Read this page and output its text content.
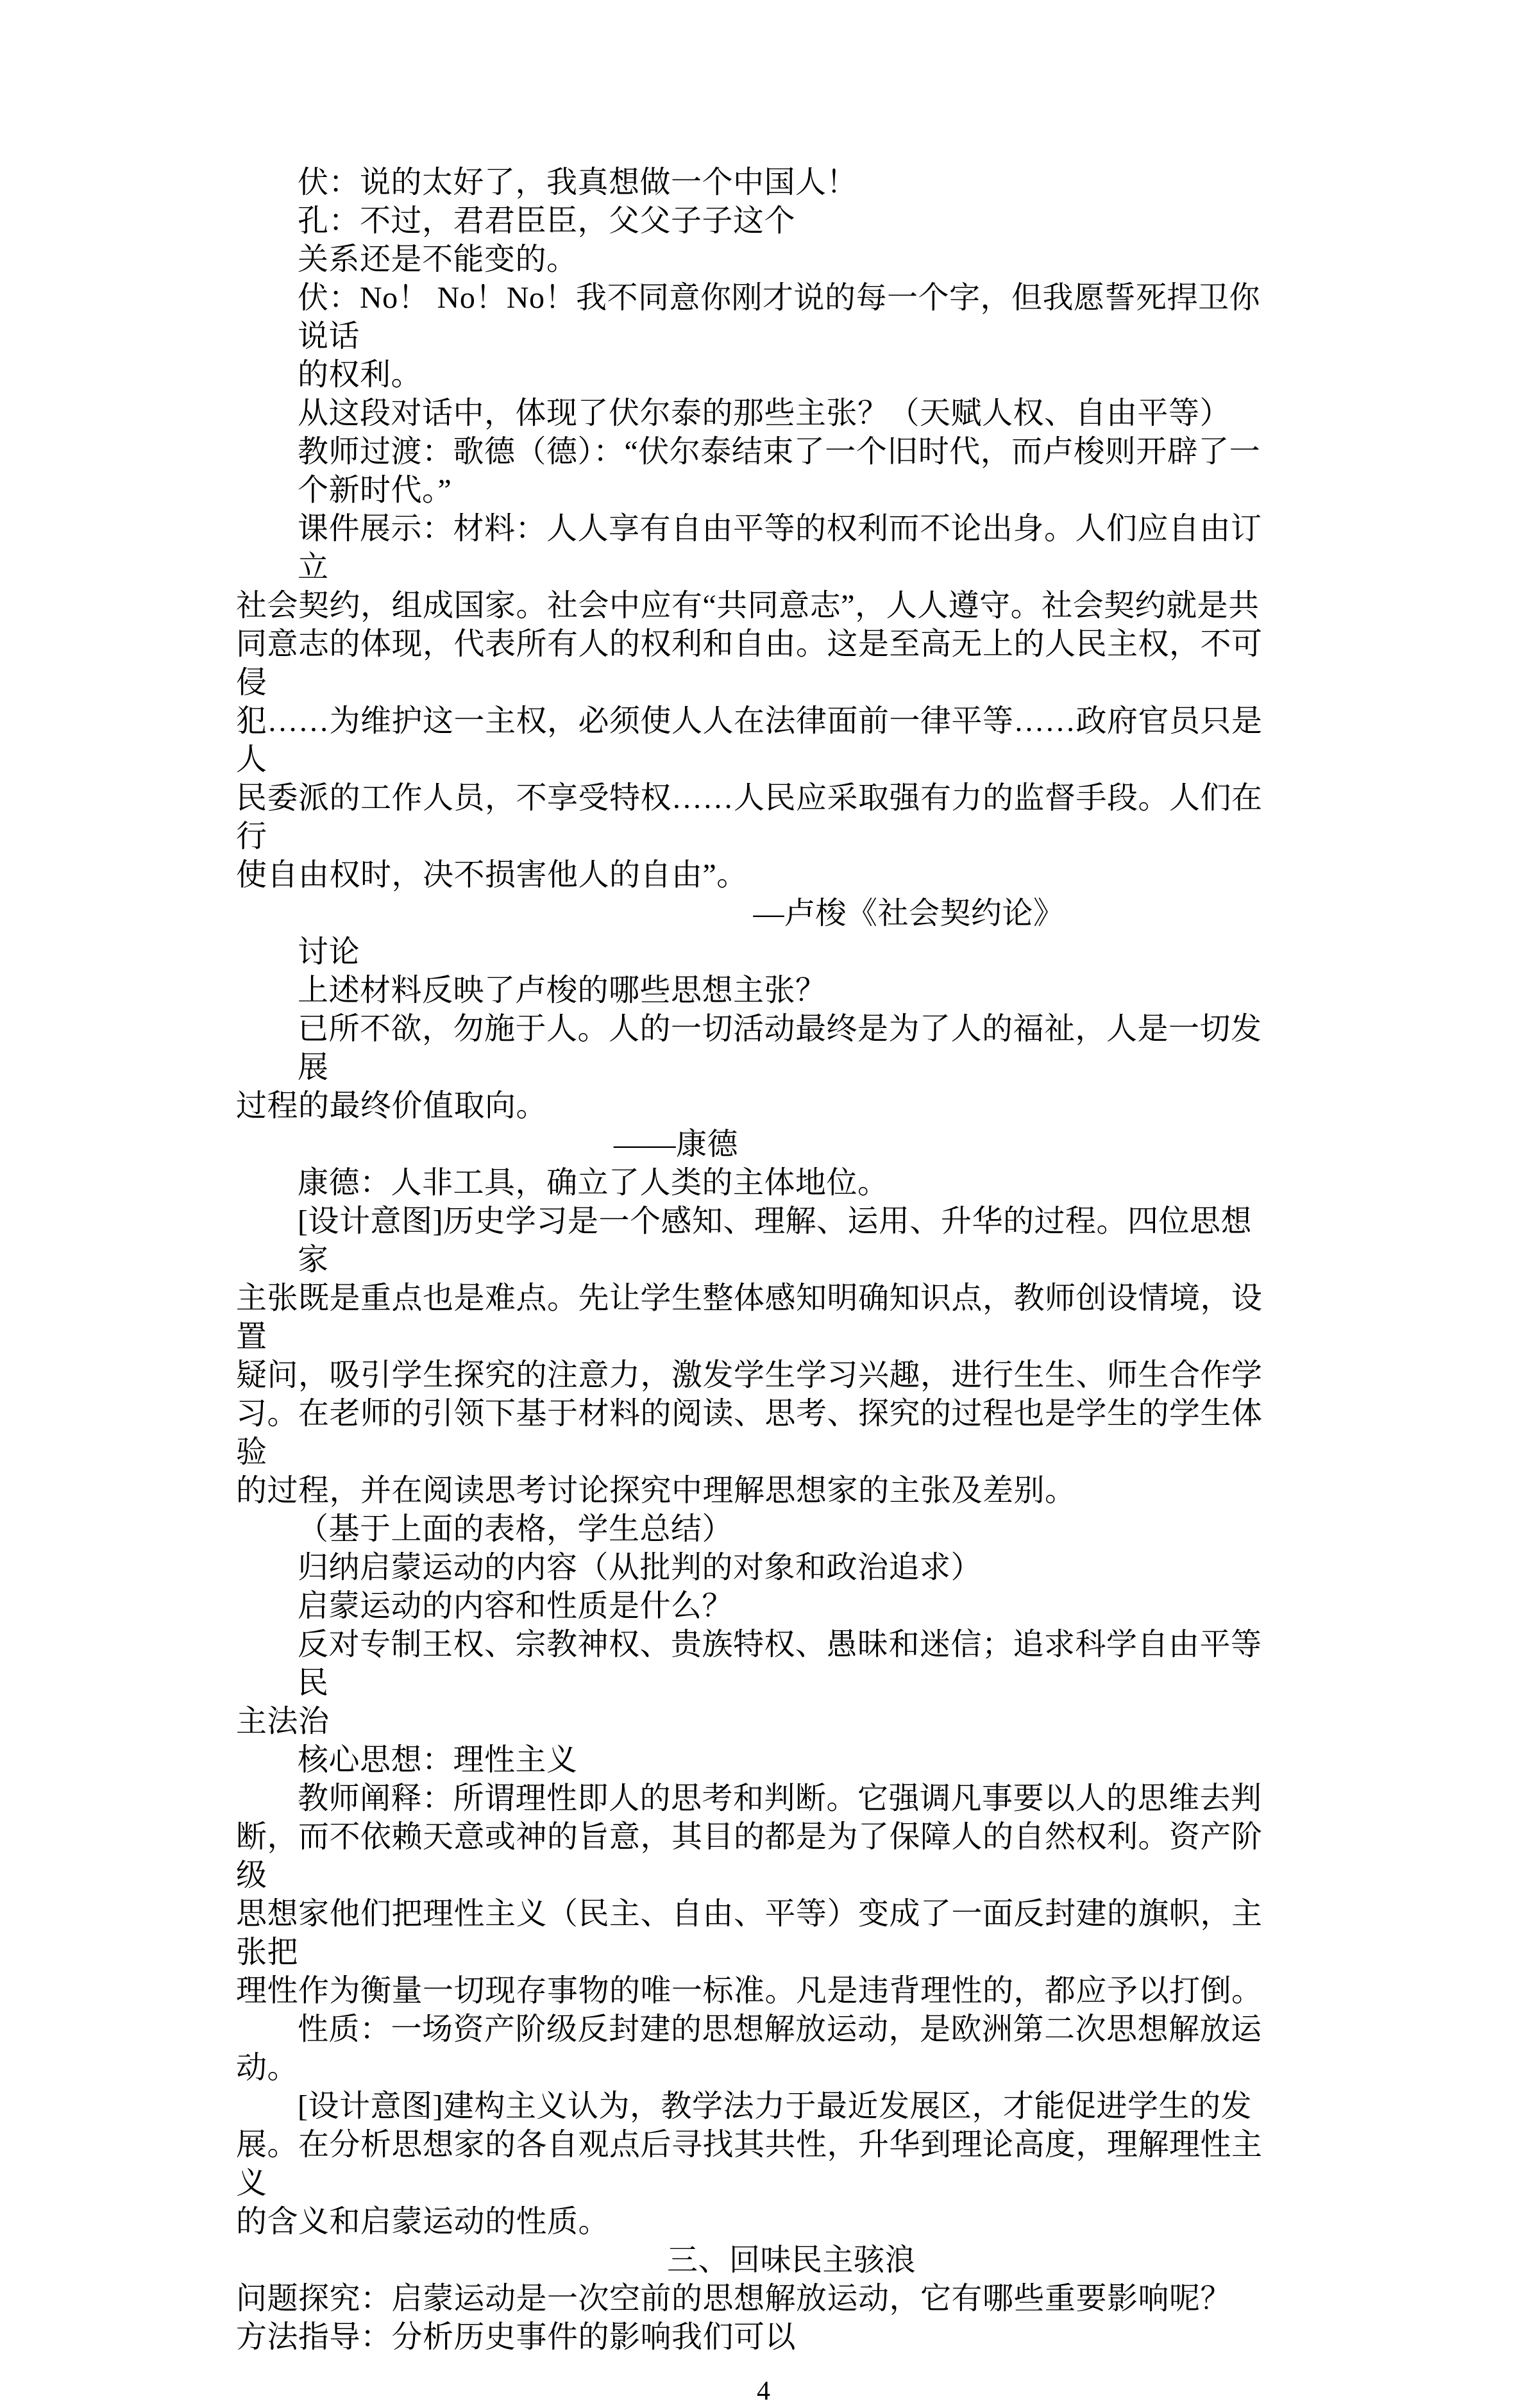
伏：说的太好了，我真想做一个中国人！
孔：不过，君君臣臣，父父子子这个
关系还是不能变的。
伏：No！ No！No！我不同意你刚才说的每一个字，但我愿誓死捍卫你说话
的权利。
从这段对话中，体现了伏尔泰的那些主张？（天赋人权、自由平等）
教师过渡：歌德（德）：“伏尔泰结束了一个旧时代，而卢梭则开辟了一
个新时代。”
课件展示：材料：人人享有自由平等的权利而不论出身。人们应自由订立
社会契约，组成国家。社会中应有“共同意志”，人人遵守。社会契约就是共
同意志的体现，代表所有人的权利和自由。这是至高无上的人民主权，不可侵
犯……为维护这一主权，必须使人人在法律面前一律平等……政府官员只是人
民委派的工作人员，不享受特权……人民应采取强有力的监督手段。人们在行
使自由权时，决不损害他人的自由”。
—卢梭《社会契约论》
讨论
上述材料反映了卢梭的哪些思想主张？
已所不欲，勿施于人。人的一切活动最终是为了人的福祉，人是一切发展
过程的最终价值取向。
——康德
康德：人非工具，确立了人类的主体地位。
[设计意图]历史学习是一个感知、理解、运用、升华的过程。四位思想家
主张既是重点也是难点。先让学生整体感知明确知识点，教师创设情境，设置
疑问，吸引学生探究的注意力，激发学生学习兴趣，进行生生、师生合作学
习。在老师的引领下基于材料的阅读、思考、探究的过程也是学生的学生体验
的过程，并在阅读思考讨论探究中理解思想家的主张及差别。
（基于上面的表格，学生总结）
归纳启蒙运动的内容（从批判的对象和政治追求）
启蒙运动的内容和性质是什么？
反对专制王权、宗教神权、贵族特权、愚昧和迷信；追求科学自由平等民
主法治
核心思想：理性主义
教师阐释：所谓理性即人的思考和判断。它强调凡事要以人的思维去判
断，而不依赖天意或神的旨意，其目的都是为了保障人的自然权利。资产阶级
思想家他们把理性主义（民主、自由、平等）变成了一面反封建的旗帜，主张把
理性作为衡量一切现存事物的唯一标准。凡是违背理性的，都应予以打倒。
性质：一场资产阶级反封建的思想解放运动，是欧洲第二次思想解放运
动。
[设计意图]建构主义认为，教学法力于最近发展区，才能促进学生的发
展。在分析思想家的各自观点后寻找其共性，升华到理论高度，理解理性主义
的含义和启蒙运动的性质。
三、回味民主骇浪
问题探究：启蒙运动是一次空前的思想解放运动，它有哪些重要影响呢？
方法指导：分析历史事件的影响我们可以
4
